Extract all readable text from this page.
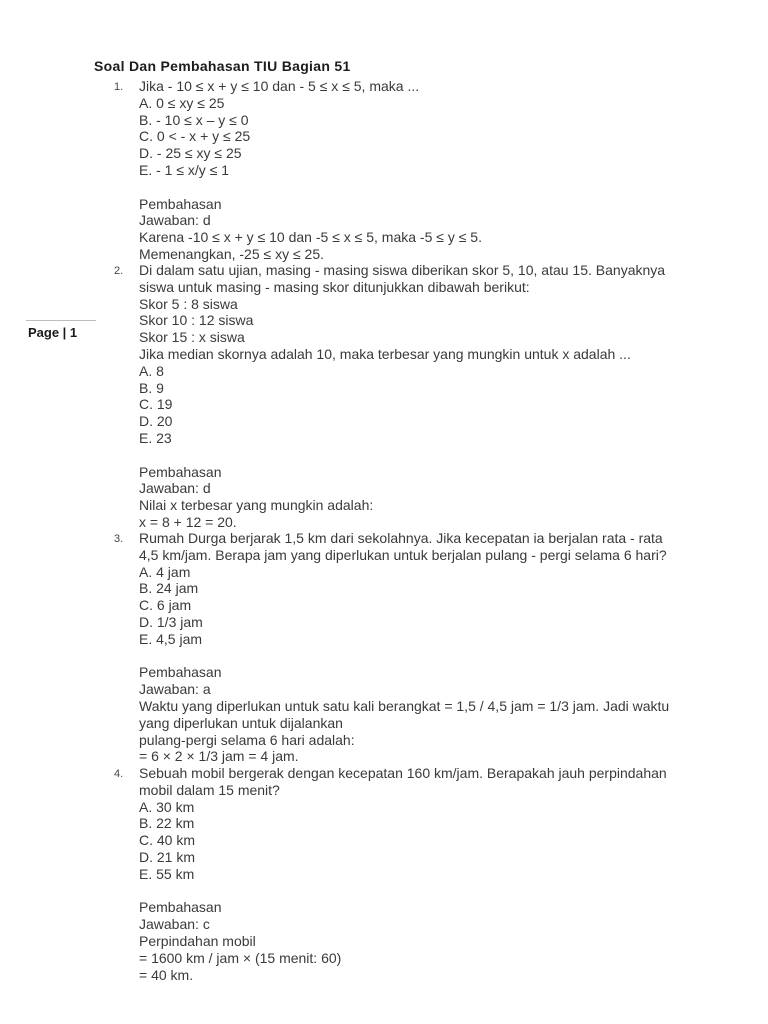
Soal Dan Pembahasan TIU Bagian 51
Page | 1
1. Jika - 10 ≤ x + y ≤ 10 dan - 5 ≤ x ≤ 5, maka ...
A. 0 ≤ xy ≤ 25
B. - 10 ≤ x – y ≤ 0
C. 0 < - x + y ≤ 25
D. - 25 ≤ xy ≤ 25
E. - 1 ≤ x/y ≤ 1
Pembahasan
Jawaban: d
Karena -10 ≤ x + y ≤ 10 dan -5 ≤ x ≤ 5, maka -5 ≤ y ≤ 5.
Memenangkan, -25 ≤ xy ≤ 25.
2. Di dalam satu ujian, masing - masing siswa diberikan skor 5, 10, atau 15. Banyaknya
siswa untuk masing - masing skor ditunjukkan dibawah berikut:
Skor 5 : 8 siswa
Skor 10 : 12 siswa
Skor 15 : x siswa
Jika median skornya adalah 10, maka terbesar yang mungkin untuk x adalah ...
A. 8
B. 9
C. 19
D. 20
E. 23
Pembahasan
Jawaban: d
Nilai x terbesar yang mungkin adalah:
x = 8 + 12 = 20.
3. Rumah Durga berjarak 1,5 km dari sekolahnya. Jika kecepatan ia berjalan rata - rata
4,5 km/jam. Berapa jam yang diperlukan untuk berjalan pulang - pergi selama 6 hari?
A. 4 jam
B. 24 jam
C. 6 jam
D. 1/3 jam
E. 4,5 jam
Pembahasan
Jawaban: a
Waktu yang diperlukan untuk satu kali berangkat = 1,5 / 4,5 jam = 1/3 jam. Jadi waktu
yang diperlukan untuk dijalankan
pulang-pergi selama 6 hari adalah:
= 6 × 2 × 1/3 jam = 4 jam.
4. Sebuah mobil bergerak dengan kecepatan 160 km/jam. Berapakah jauh perpindahan
mobil dalam 15 menit?
A. 30 km
B. 22 km
C. 40 km
D. 21 km
E. 55 km
Pembahasan
Jawaban: c
Perpindahan mobil
= 1600 km / jam × (15 menit: 60)
= 40 km.
